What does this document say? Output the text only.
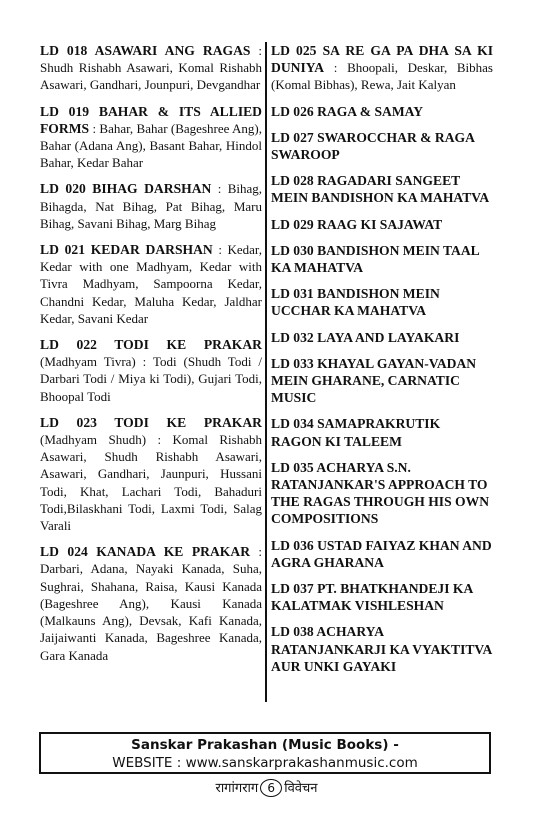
LD 018 ASAWARI ANG RAGAS : Shudh Rishabh Asawari, Komal Rishabh Asawari, Gandhari, Jounpuri, Devgandhar

LD 019 BAHAR & ITS ALLIED FORMS : Bahar, Bahar (Bageshree Ang), Bahar (Adana Ang), Basant Bahar, Hindol Bahar, Kedar Bahar

LD 020 BIHAG DARSHAN : Bihag, Bihagda, Nat Bihag, Pat Bihag, Maru Bihag, Savani Bihag, Marg Bihag

LD 021 KEDAR DARSHAN : Kedar, Kedar with one Madhyam, Kedar with Tivra Madhyam, Sampoorna Kedar, Chandni Kedar, Maluha Kedar, Jaldhar Kedar, Savani Kedar

LD 022 TODI KE PRAKAR (Madhyam Tivra) : Todi (Shudh Todi / Darbari Todi / Miya ki Todi), Gujari Todi, Bhoopal Todi

LD 023 TODI KE PRAKAR (Madhyam Shudh) : Komal Rishabh Asawari, Shudh Rishabh Asawari, Asawari, Gandhari, Jaunpuri, Hussani Todi, Khat, Lachari Todi, Bahaduri Todi,Bilaskhani Todi, Laxmi Todi, Salag Varali

LD 024 KANADA KE PRAKAR : Darbari, Adana, Nayaki Kanada, Suha, Sughrai, Shahana, Raisa, Kausi Kanada (Bageshree Ang), Kausi Kanada (Malkauns Ang), Devsak, Kafi Kanada, Jaijaiwanti Kanada, Bageshree Kanada, Gara Kanada

LD 025 SA RE GA PA DHA SA KI DUNIYA : Bhoopali, Deskar, Bibhas (Komal Bibhas), Rewa, Jait Kalyan

LD 026 RAGA & SAMAY

LD 027 SWAROCCHAR & RAGA SWAROOP

LD 028 RAGADARI SANGEET MEIN BANDISHON KA MAHATVA

LD 029 RAAG KI SAJAWAT

LD 030 BANDISHON MEIN TAAL KA MAHATVA

LD 031 BANDISHON MEIN UCCHAR KA MAHATVA

LD 032 LAYA AND LAYAKARI

LD 033 KHAYAL GAYAN-VADAN MEIN GHARANE, CARNATIC MUSIC

LD 034 SAMAPRAKRUTIK RAGON KI TALEEM

LD 035 ACHARYA S.N. RATANJANKAR'S APPROACH TO THE RAGAS THROUGH HIS OWN COMPOSITIONS

LD 036 USTAD FAIYAZ KHAN AND AGRA GHARANA

LD 037 PT. BHATKHANDEJI KA KALATMAK VISHLESHAN

LD 038 ACHARYA RATANJANKARJI KA VYAKTITVA AUR UNKI GAYAKI

Sanskar Prakashan (Music Books) -
WEBSITE : www.sanskarprakashanmusic.com
रागांगराग 6 विवेचन
